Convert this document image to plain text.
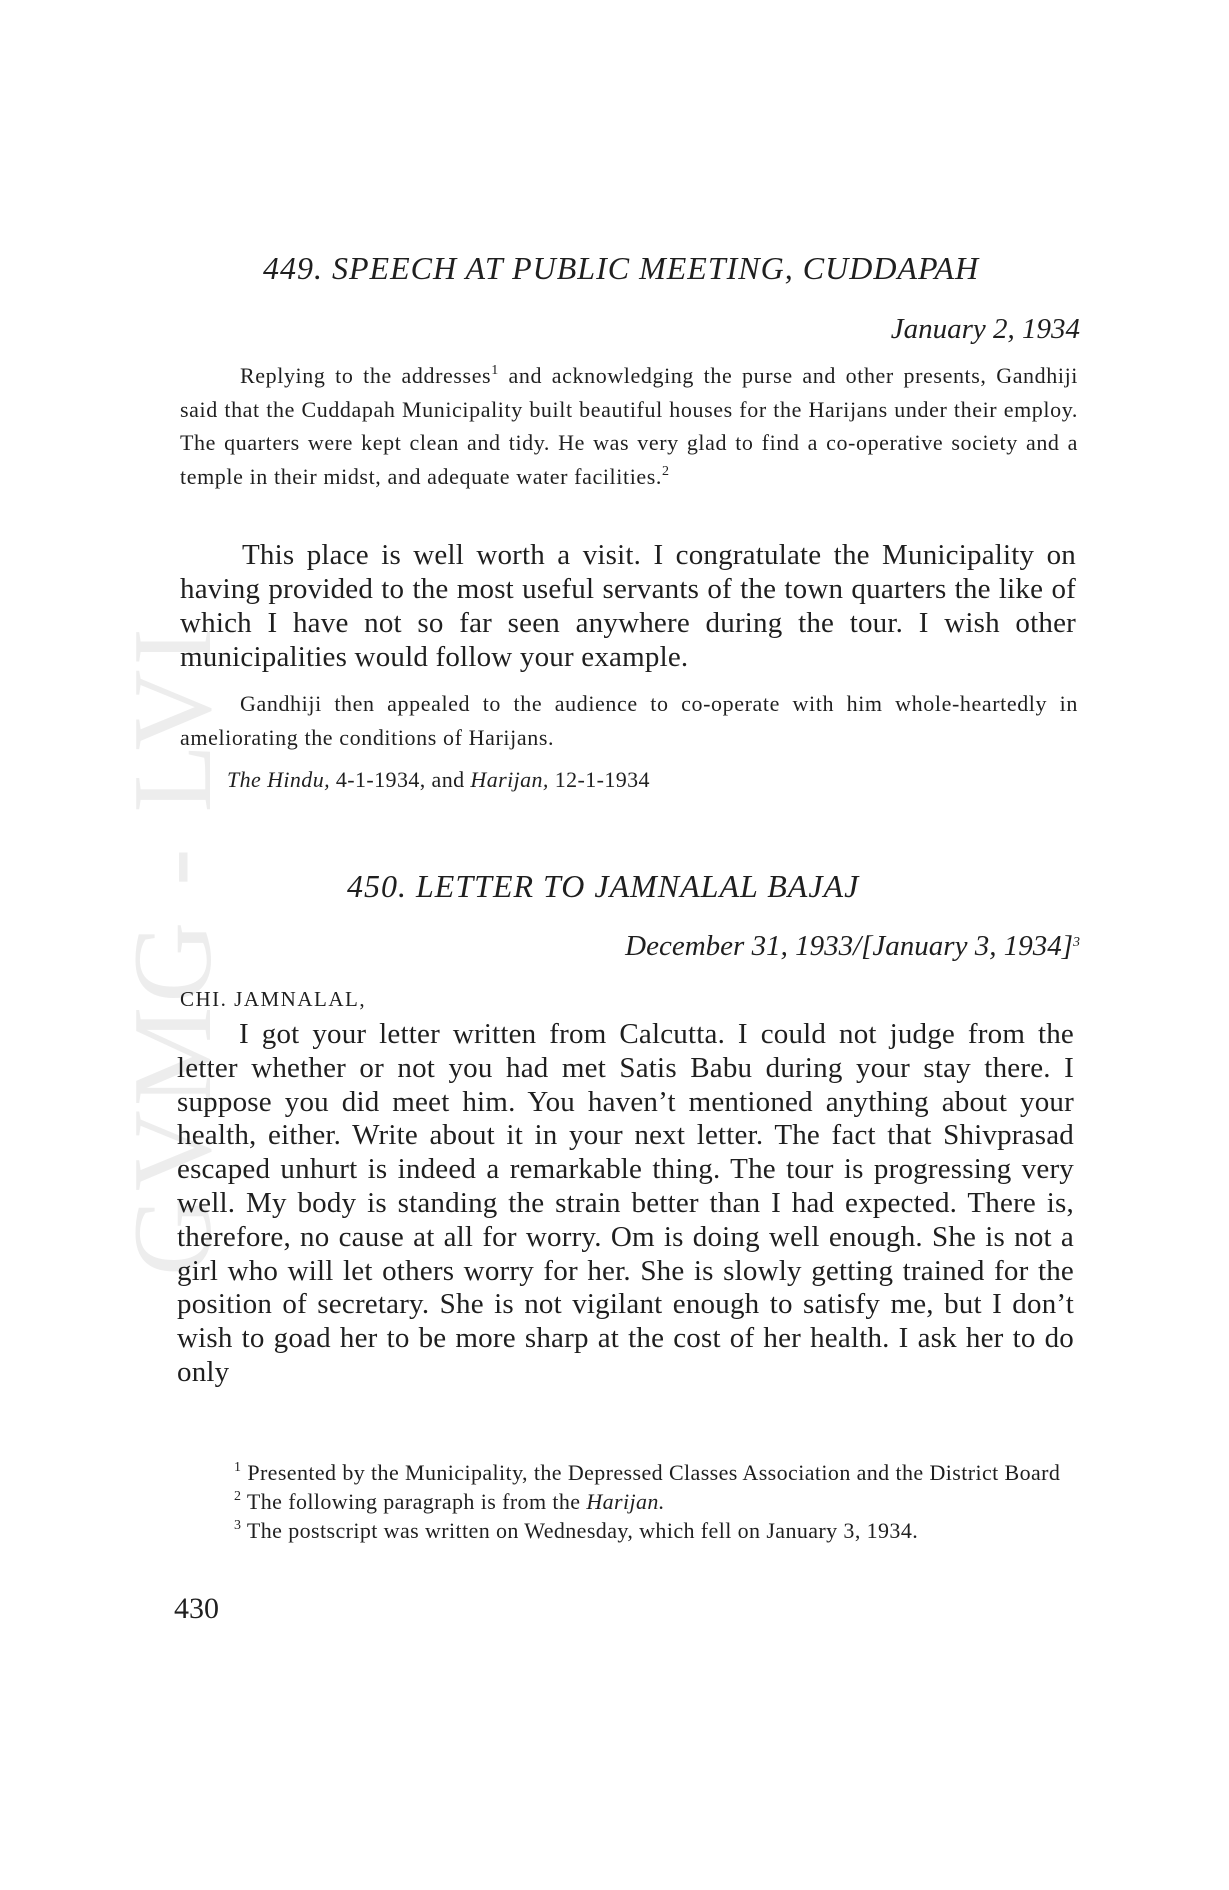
GVMG - LVI
449. SPEECH AT PUBLIC MEETING, CUDDAPAH
January 2, 1934

Replying to the addresses$^1$ and acknowledging the purse and other presents, Gandhiji said that the Cuddapah Municipality built beautiful houses for the Harijans under their employ. The quarters were kept clean and tidy. He was very glad to find a co-operative society and a temple in their midst, and adequate water facilities.$^2$

This place is well worth a visit. I congratulate the Municipality on having provided to the most useful servants of the town quarters the like of which I have not so far seen anywhere during the tour. I wish other municipalities would follow your example.

Gandhiji then appealed to the audience to co-operate with him whole-heartedly in ameliorating the conditions of Harijans.

The Hindu, 4-1-1934, and Harijan, 12-1-1934
450. LETTER TO JAMNALAL BAJAJ
December 31, 1933/[January 3, 1934]$^3$
CHI. JAMNALAL,

I got your letter written from Calcutta. I could not judge from the letter whether or not you had met Satis Babu during your stay there. I suppose you did meet him. You haven’t mentioned anything about your health, either. Write about it in your next letter. The fact that Shivprasad escaped unhurt is indeed a remarkable thing. The tour is progressing very well. My body is standing the strain better than I had expected. There is, therefore, no cause at all for worry. Om is doing well enough. She is not a girl who will let others worry for her. She is slowly getting trained for the position of secretary. She is not vigilant enough to satisfy me, but I don’t wish to goad her to be more sharp at the cost of her health. I ask her to do only

$^1$ Presented by the Municipality, the Depressed Classes Association and the District Board

$^2$ The following paragraph is from the Harijan.

$^3$ The postscript was written on Wednesday, which fell on January 3, 1934.

430
